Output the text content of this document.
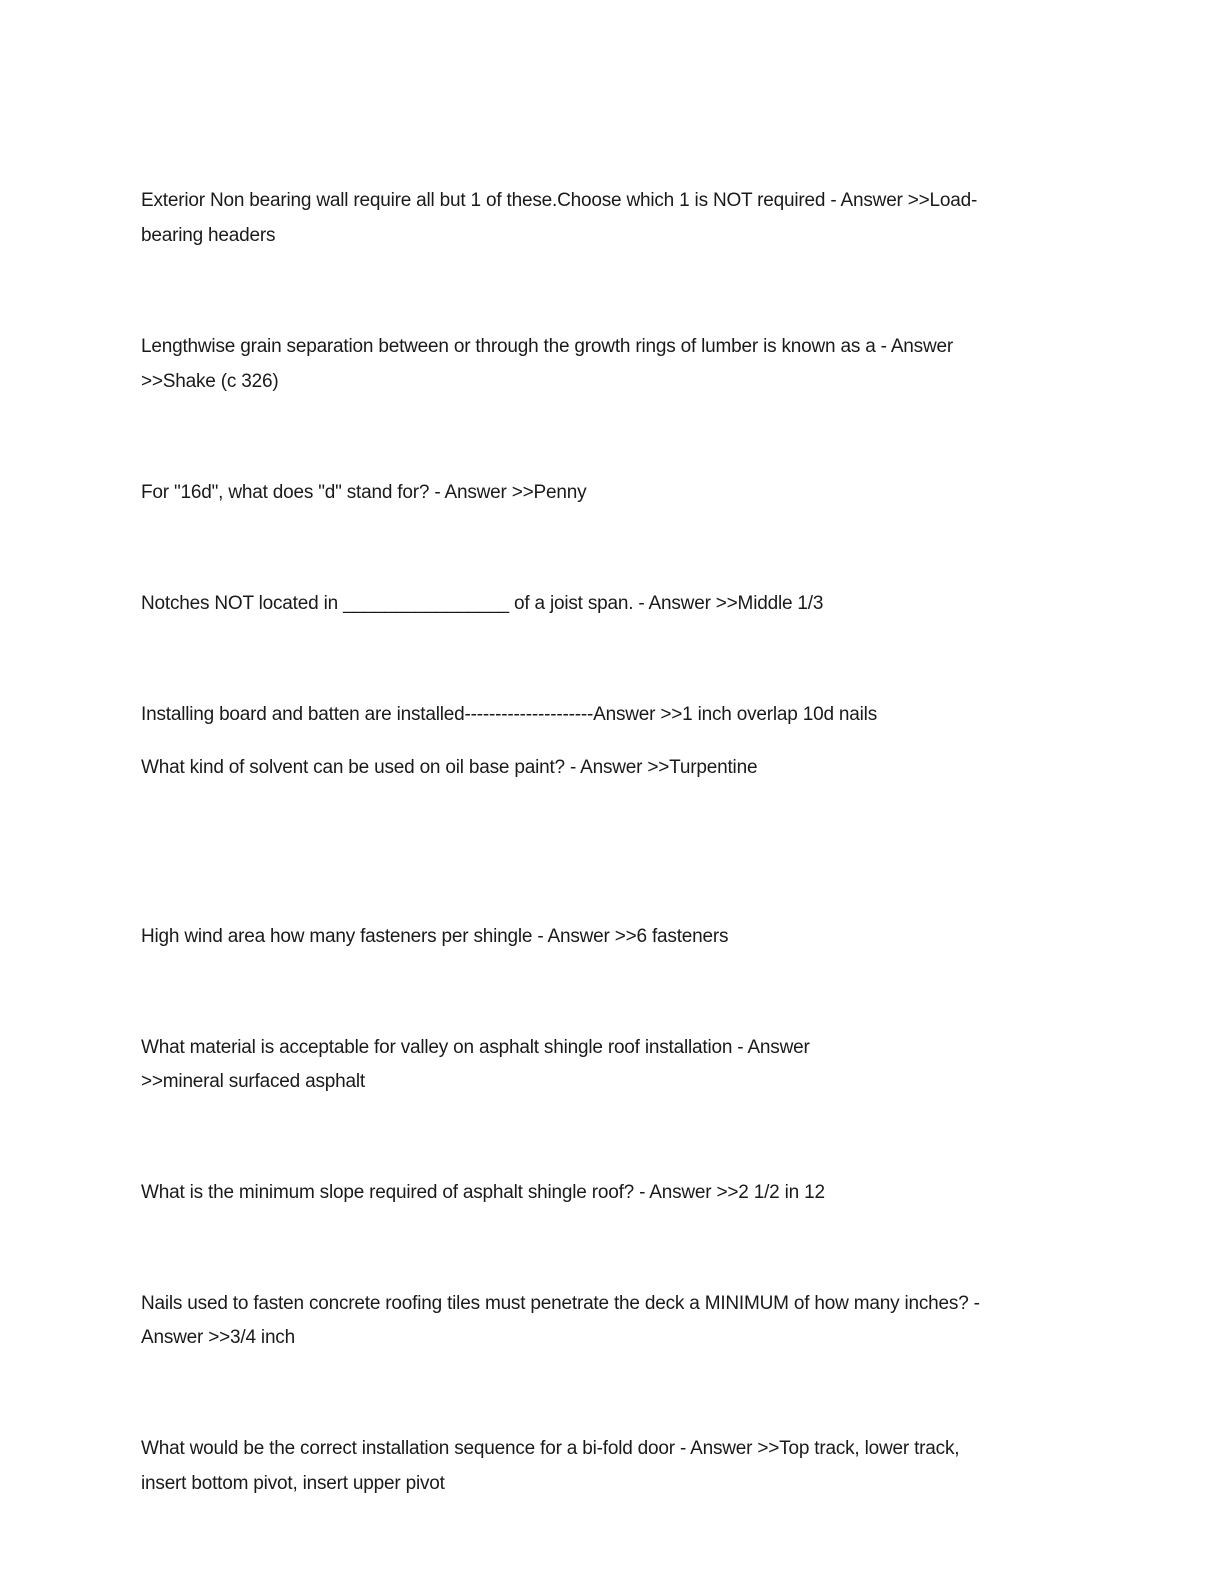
Exterior Non bearing wall require all but 1 of these.Choose which 1 is NOT required - Answer >>Load-
bearing headers
Lengthwise grain separation between or through the growth rings of lumber is known as a - Answer
>>Shake (c 326)
For "16d", what does "d" stand for? - Answer >>Penny
Notches NOT located in ________________ of a joist span. - Answer >>Middle 1/3
Installing board and batten are installed---------------------Answer >>1 inch overlap 10d nails
What kind of solvent can be used on oil base paint? - Answer >>Turpentine
High wind area how many fasteners per shingle - Answer >>6 fasteners
What material is acceptable for valley on asphalt shingle roof installation - Answer
>>mineral surfaced asphalt
What is the minimum slope required of asphalt shingle roof? - Answer >>2 1/2 in 12
Nails used to fasten concrete roofing tiles must penetrate the deck a MINIMUM of how many inches? -
Answer >>3/4 inch
What would be the correct installation sequence for a bi-fold door - Answer >>Top track, lower track,
insert bottom pivot, insert upper pivot
